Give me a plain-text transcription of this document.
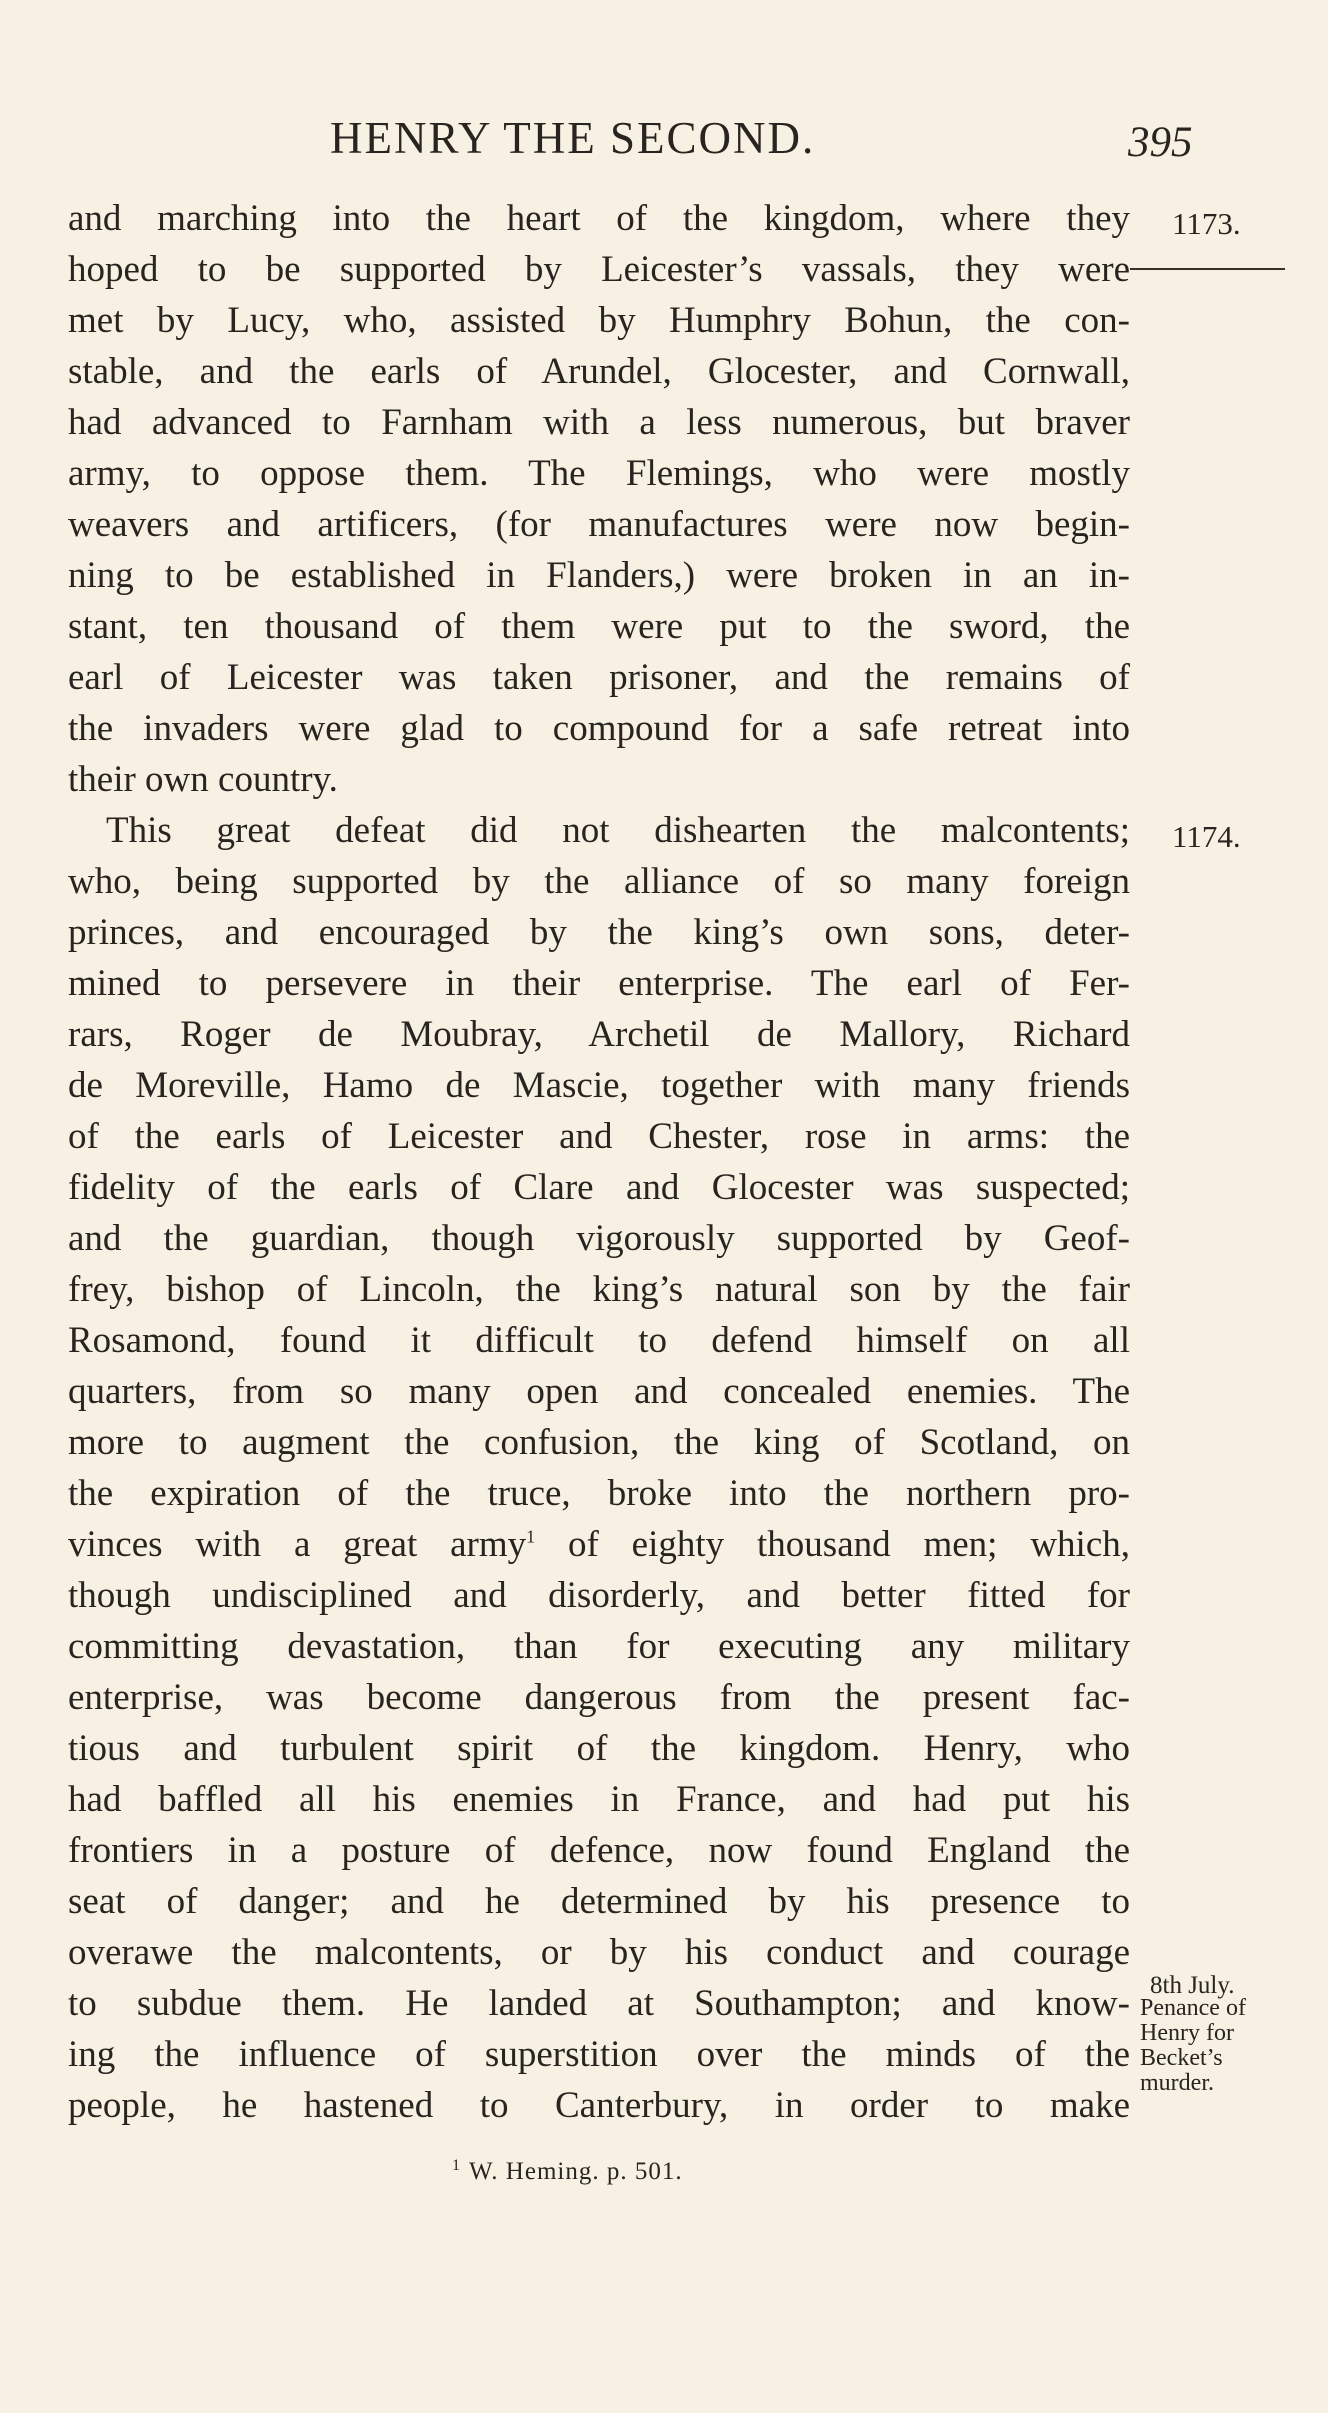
HENRY THE SECOND.	395
and marching into the heart of the kingdom, where they
hoped to be supported by Leicester’s vassals, they were
met by Lucy, who, assisted by Humphry Bohun, the con-
stable, and the earls of Arundel, Glocester, and Cornwall,
had advanced to Farnham with a less numerous, but braver
army, to oppose them. The Flemings, who were mostly
weavers and artificers, (for manufactures were now begin-
ning to be established in Flanders,) were broken in an in-
stant, ten thousand of them were put to the sword, the
earl of Leicester was taken prisoner, and the remains of
the invaders were glad to compound for a safe retreat into
their own country.
This great defeat did not dishearten the malcontents;
who, being supported by the alliance of so many foreign
princes, and encouraged by the king’s own sons, deter-
mined to persevere in their enterprise. The earl of Fer-
rars, Roger de Moubray, Archetil de Mallory, Richard
de Moreville, Hamo de Mascie, together with many friends
of the earls of Leicester and Chester, rose in arms: the
fidelity of the earls of Clare and Glocester was suspected;
and the guardian, though vigorously supported by Geof-
frey, bishop of Lincoln, the king’s natural son by the fair
Rosamond, found it difficult to defend himself on all
quarters, from so many open and concealed enemies. The
more to augment the confusion, the king of Scotland, on
the expiration of the truce, broke into the northern pro-
vinces with a great army$^1$ of eighty thousand men; which,
though undisciplined and disorderly, and better fitted for
committing devastation, than for executing any military
enterprise, was become dangerous from the present fac-
tious and turbulent spirit of the kingdom. Henry, who
had baffled all his enemies in France, and had put his
frontiers in a posture of defence, now found England the
seat of danger; and he determined by his presence to
overawe the malcontents, or by his conduct and courage
to subdue them. He landed at Southampton; and know-
ing the influence of superstition over the minds of the
people, he hastened to Canterbury, in order to make
1173.
1174.
8th July.
Penance of
Henry for
Becket’s
murder.
$^1$ W. Heming. p. 501.
